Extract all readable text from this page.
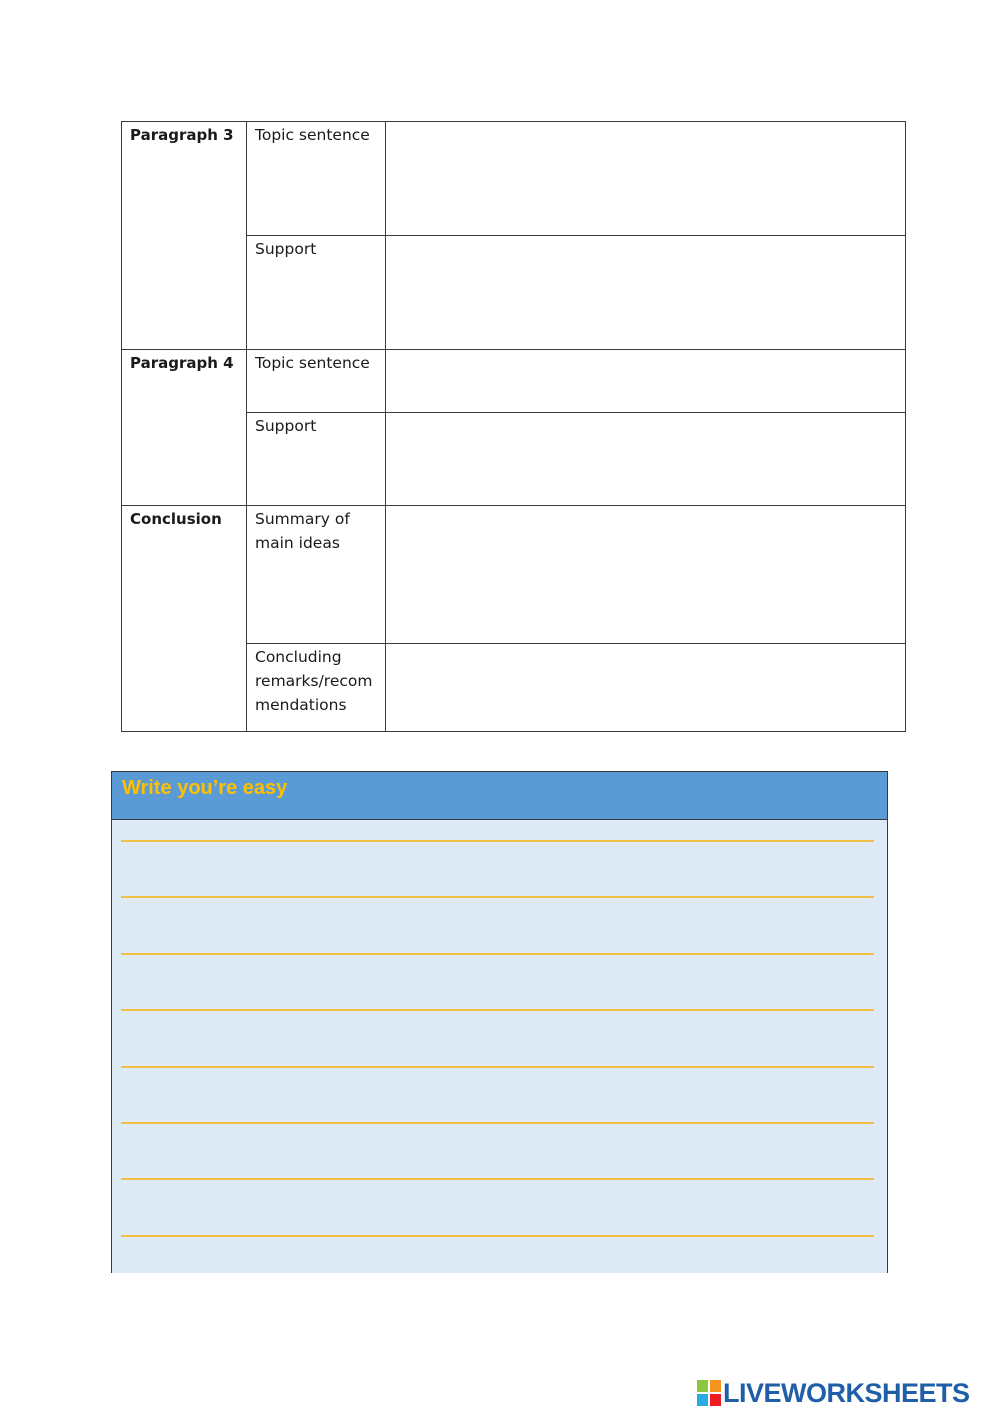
Paragraph 3	Topic sentence	

	Support	

Paragraph 4	Topic sentence	

	Support	

Conclusion	Summary of main ideas	

	Concluding remarks/recom mendations	
Write you’re easy
LIVEWORKSHEETS
